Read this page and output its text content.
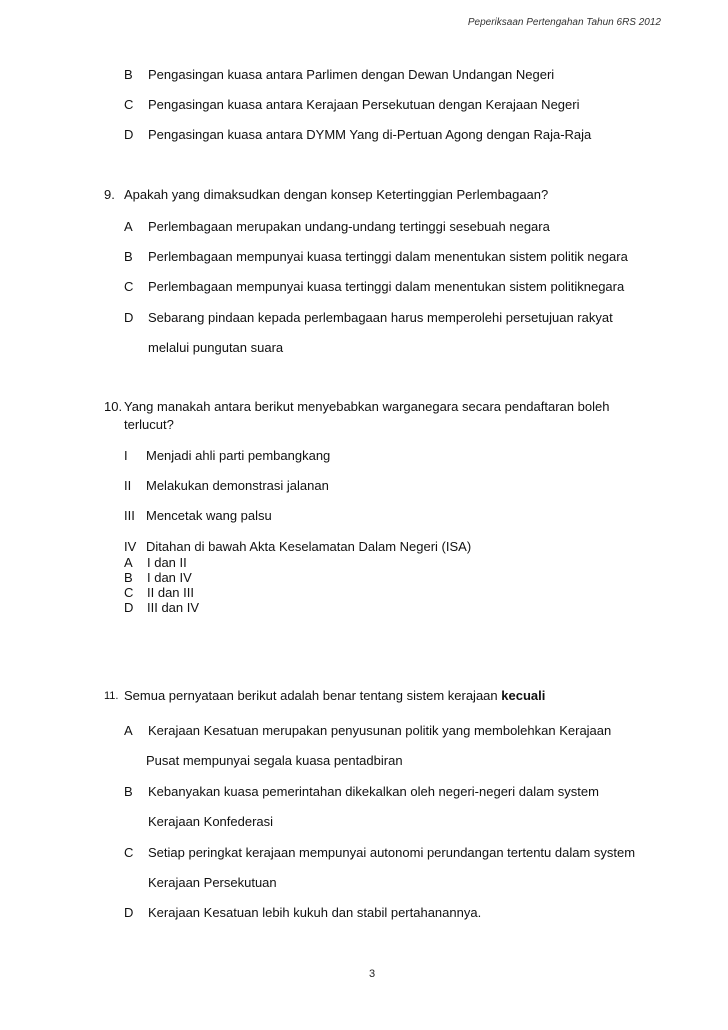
Peperiksaan Pertengahan Tahun 6RS 2012
B Pengasingan kuasa antara Parlimen dengan Dewan Undangan Negeri
C Pengasingan kuasa antara Kerajaan Persekutuan dengan Kerajaan Negeri
D Pengasingan kuasa antara DYMM Yang di-Pertuan Agong dengan Raja-Raja
9. Apakah yang dimaksudkan dengan konsep Ketertinggian Perlembagaan?
A Perlembagaan merupakan undang-undang tertinggi sesebuah negara
B Perlembagaan mempunyai kuasa tertinggi dalam menentukan sistem politik negara
C Perlembagaan mempunyai kuasa tertinggi dalam menentukan sistem politiknegara
D Sebarang pindaan kepada perlembagaan harus memperolehi persetujuan rakyat
melalui pungutan suara
10. Yang manakah antara berikut menyebabkan warganegara secara pendaftaran boleh
terlucut?
I Menjadi ahli parti pembangkang
II Melakukan demonstrasi jalanan
III Mencetak wang palsu
IV Ditahan di bawah Akta Keselamatan Dalam Negeri (ISA)
A I dan II
B I dan IV
C II dan III
D III dan IV
11. Semua pernyataan berikut adalah benar tentang sistem kerajaan kecuali
A Kerajaan Kesatuan merupakan penyusunan politik yang membolehkan Kerajaan
Pusat mempunyai segala kuasa pentadbiran
B Kebanyakan kuasa pemerintahan dikekalkan oleh negeri-negeri dalam system
Kerajaan Konfederasi
C Setiap peringkat kerajaan mempunyai autonomi perundangan tertentu dalam system
Kerajaan Persekutuan
D Kerajaan Kesatuan lebih kukuh dan stabil pertahanannya.
3
